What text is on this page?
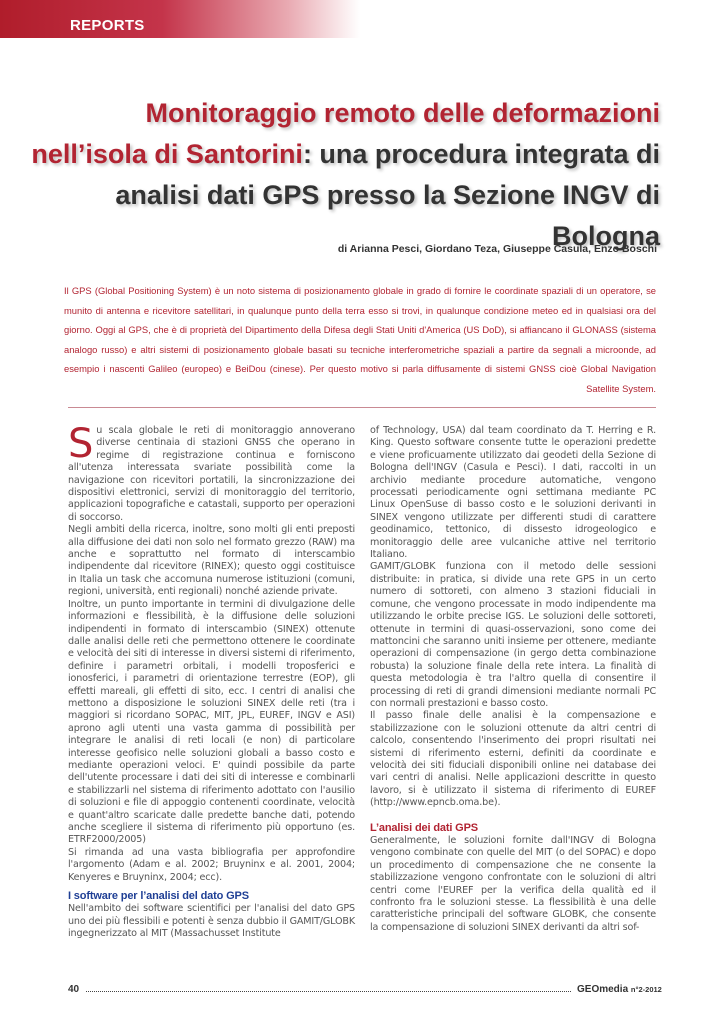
REPORTS
Monitoraggio remoto delle deformazioni
nell’isola di Santorini: una procedura integrata di
analisi dati GPS presso la Sezione INGV di Bologna
di Arianna Pesci, Giordano Teza, Giuseppe Casula, Enzo Boschi
Il GPS (Global Positioning System) è un noto sistema di posizionamento globale in grado di fornire le coordinate spaziali di un operatore, se munito di antenna e ricevitore satellitari, in qualunque punto della terra esso si trovi, in qualunque condizione meteo ed in qualsiasi ora del giorno. Oggi al GPS, che è di proprietà del Dipartimento della Difesa degli Stati Uniti d'America (US DoD), si affiancano il GLONASS (sistema analogo russo) e altri sistemi di posizionamento globale basati su tecniche interferometriche spaziali a partire da segnali a microonde, ad esempio i nascenti Galileo (europeo) e BeiDou (cinese). Per questo motivo si parla diffusamente di sistemi GNSS cioè Global Navigation Satellite System.

Su scala globale le reti di monitoraggio annoverano diverse centinaia di stazioni GNSS che operano in regime di registrazione continua e forniscono all'utenza interessata svariate possibilità come la navigazione con ricevitori portatili, la sincronizzazione dei dispositivi elettronici, servizi di monitoraggio del territorio, applicazioni topografiche e catastali, supporto per operazioni di soccorso.

Negli ambiti della ricerca, inoltre, sono molti gli enti preposti alla diffusione dei dati non solo nel formato grezzo (RAW) ma anche e soprattutto nel formato di interscambio indipendente dal ricevitore (RINEX); questo oggi costituisce in Italia un task che accomuna numerose istituzioni (comuni, regioni, università, enti regionali) nonché aziende private.

Inoltre, un punto importante in termini di divulgazione delle informazioni e flessibilità, è la diffusione delle soluzioni indipendenti in formato di interscambio (SINEX) ottenute dalle analisi delle reti che permettono ottenere le coordinate e velocità dei siti di interesse in diversi sistemi di riferimento, definire i parametri orbitali, i modelli troposferici e ionosferici, i parametri di orientazione terrestre (EOP), gli effetti mareali, gli effetti di sito, ecc. I centri di analisi che mettono a disposizione le soluzioni SINEX delle reti (tra i maggiori si ricordano SOPAC, MIT, JPL, EUREF, INGV e ASI) aprono agli utenti una vasta gamma di possibilità per integrare le analisi di reti locali (e non) di particolare interesse geofisico nelle soluzioni globali a basso costo e mediante operazioni veloci. E' quindi possibile da parte dell'utente processare i dati dei siti di interesse e combinarli e stabilizzarli nel sistema di riferimento adottato con l'ausilio di soluzioni e file di appoggio contenenti coordinate, velocità e quant'altro scaricate dalle predette banche dati, potendo anche scegliere il sistema di riferimento più opportuno (es. ETRF2000/2005)

Si rimanda ad una vasta bibliografia per approfondire l'argomento (Adam e al. 2002; Bruyninx e al. 2001, 2004; Kenyeres e Bruyninx, 2004; ecc).

I software per l’analisi del dato GPS

Nell'ambito dei software scientifici per l'analisi del dato GPS uno dei più flessibili e potenti è senza dubbio il GAMIT/GLOBK ingegnerizzato al MIT (Massachusset Institute

of Technology, USA) dal team coordinato da T. Herring e R. King. Questo software consente tutte le operazioni predette e viene proficuamente utilizzato dai geodeti della Sezione di Bologna dell'INGV (Casula e Pesci). I dati, raccolti in un archivio mediante procedure automatiche, vengono processati periodicamente ogni settimana mediante PC Linux OpenSuse di basso costo e le soluzioni derivanti in SINEX vengono utilizzate per differenti studi di carattere geodinamico, tettonico, di dissesto idrogeologico e monitoraggio delle aree vulcaniche attive nel territorio Italiano.

GAMIT/GLOBK funziona con il metodo delle sessioni distribuite: in pratica, si divide una rete GPS in un certo numero di sottoreti, con almeno 3 stazioni fiduciali in comune, che vengono processate in modo indipendente ma utilizzando le orbite precise IGS. Le soluzioni delle sottoreti, ottenute in termini di quasi-osservazioni, sono come dei mattoncini che saranno uniti insieme per ottenere, mediante operazioni di compensazione (in gergo detta combinazione robusta) la soluzione finale della rete intera. La finalità di questa metodologia è tra l'altro quella di consentire il processing di reti di grandi dimensioni mediante normali PC con normali prestazioni e basso costo.

Il passo finale delle analisi è la compensazione e stabilizzazione con le soluzioni ottenute da altri centri di calcolo, consentendo l'inserimento dei propri risultati nei sistemi di riferimento esterni, definiti da coordinate e velocità dei siti fiduciali disponibili online nei database dei vari centri di analisi. Nelle applicazioni descritte in questo lavoro, si è utilizzato il sistema di riferimento di EUREF (http://www.epncb.oma.be).

L’analisi dei dati GPS

Generalmente, le soluzioni fornite dall'INGV di Bologna vengono combinate con quelle del MIT (o del SOPAC) e dopo un procedimento di compensazione che ne consente la stabilizzazione vengono confrontate con le soluzioni di altri centri come l'EUREF per la verifica della qualità ed il confronto fra le soluzioni stesse. La flessibilità è una delle caratteristiche principali del software GLOBK, che consente la compensazione di soluzioni SINEX derivanti da altri sof-

40	GEOmedia n°2-2012
